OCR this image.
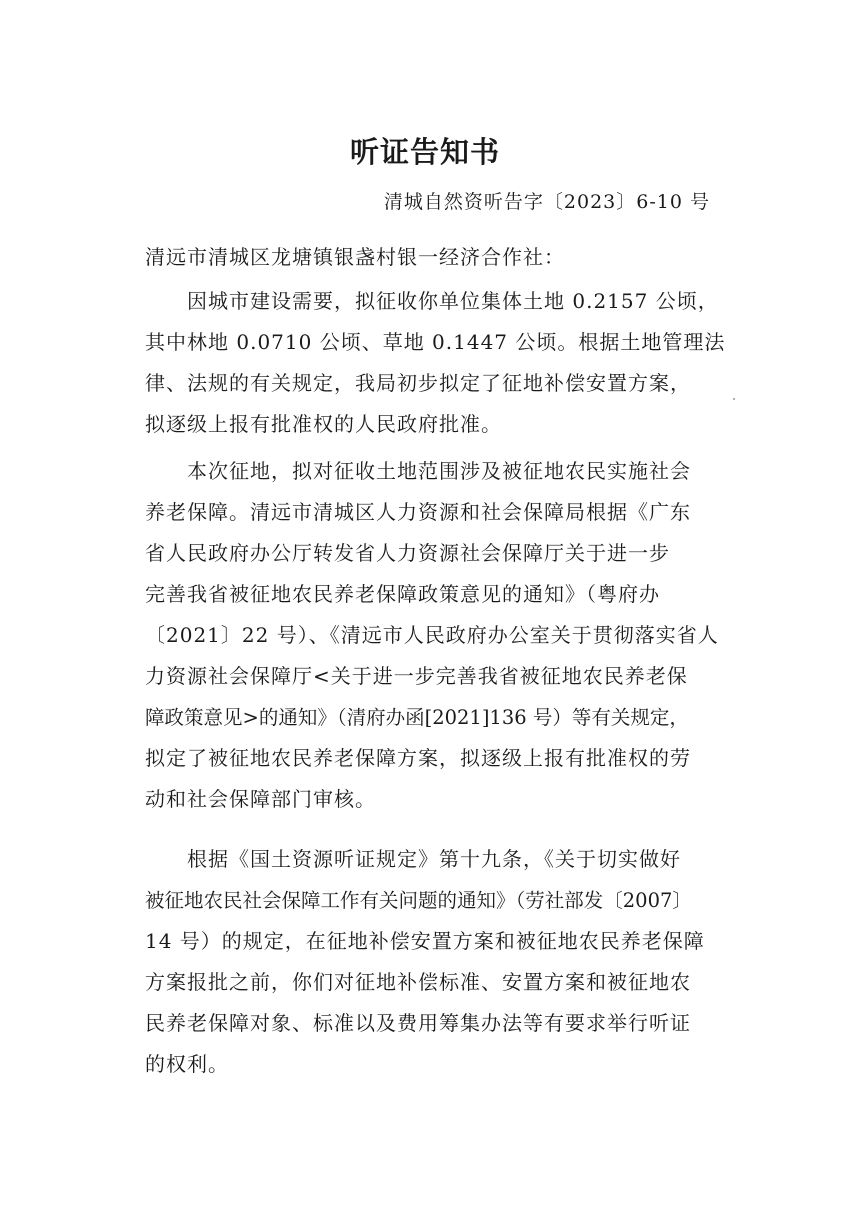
听证告知书

清城自然资听告字〔2023〕6-10 号

清远市清城区龙塘镇银盏村银一经济合作社：

　　因城市建设需要，拟征收你单位集体土地 0.2157 公顷，
其中林地 0.0710 公顷、草地 0.1447 公顷。根据土地管理法
律、法规的有关规定，我局初步拟定了征地补偿安置方案，
拟逐级上报有批准权的人民政府批准。
　　本次征地，拟对征收土地范围涉及被征地农民实施社会
养老保障。清远市清城区人力资源和社会保障局根据《广东
省人民政府办公厅转发省人力资源社会保障厅关于进一步
完善我省被征地农民养老保障政策意见的通知》（粤府办
〔2021〕22 号）、《清远市人民政府办公室关于贯彻落实省人
力资源社会保障厅<关于进一步完善我省被征地农民养老保
障政策意见>的通知》（清府办函[2021]136 号）等有关规定，
拟定了被征地农民养老保障方案，拟逐级上报有批准权的劳
动和社会保障部门审核。
　　根据《国土资源听证规定》第十九条，《关于切实做好
被征地农民社会保障工作有关问题的通知》（劳社部发〔2007〕
14 号）的规定，在征地补偿安置方案和被征地农民养老保障
方案报批之前，你们对征地补偿标准、安置方案和被征地农
民养老保障对象、标准以及费用筹集办法等有要求举行听证
的权利。
